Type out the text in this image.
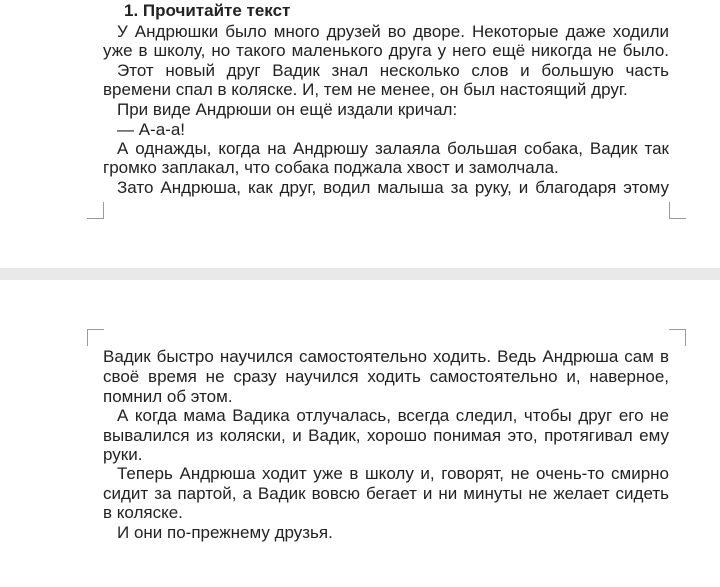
1. Прочитайте текст
У Андрюшки было много друзей во дворе. Некоторые даже ходили
уже в школу, но такого маленького друга у него ещё никогда не было.
Этот новый друг Вадик знал несколько слов и большую часть
времени спал в коляске. И, тем не менее, он был настоящий друг.
При виде Андрюши он ещё издали кричал:
— А-а-а!
А однажды, когда на Андрюшу залаяла большая собака, Вадик так
громко заплакал, что собака поджала хвост и замолчала.
Зато Андрюша, как друг, водил малыша за руку, и благодаря этому
Вадик быстро научился самостоятельно ходить. Ведь Андрюша сам в
своё время не сразу научился ходить самостоятельно и, наверное,
помнил об этом.
А когда мама Вадика отлучалась, всегда следил, чтобы друг его не
вывалился из коляски, и Вадик, хорошо понимая это, протягивал ему
руки.
Теперь Андрюша ходит уже в школу и, говорят, не очень-то смирно
сидит за партой, а Вадик вовсю бегает и ни минуты не желает сидеть
в коляске.
И они по-прежнему друзья.
